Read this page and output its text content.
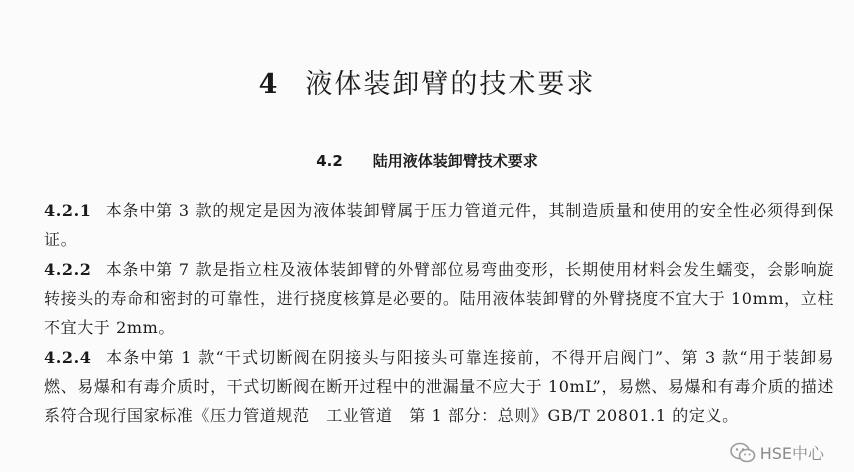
4 液体装卸臂的技术要求
4.2 陆用液体装卸臂技术要求

4.2.1 本条中第 3 款的规定是因为液体装卸臂属于压力管道元件，其制造质量和使用的安全性必须得到保证。

4.2.2 本条中第 7 款是指立柱及液体装卸臂的外臂部位易弯曲变形，长期使用材料会发生蠕变，会影响旋转接头的寿命和密封的可靠性，进行挠度核算是必要的。陆用液体装卸臂的外臂挠度不宜大于 10mm，立柱不宜大于 2mm。

4.2.4 本条中第 1 款“干式切断阀在阴接头与阳接头可靠连接前，不得开启阀门”、第 3 款“用于装卸易燃、易爆和有毒介质时，干式切断阀在断开过程中的泄漏量不应大于 10mL”，易燃、易爆和有毒介质的描述系符合现行国家标准《压力管道规范　工业管道　第 1 部分：总则》GB/T 20801.1 的定义。

HSE中心
